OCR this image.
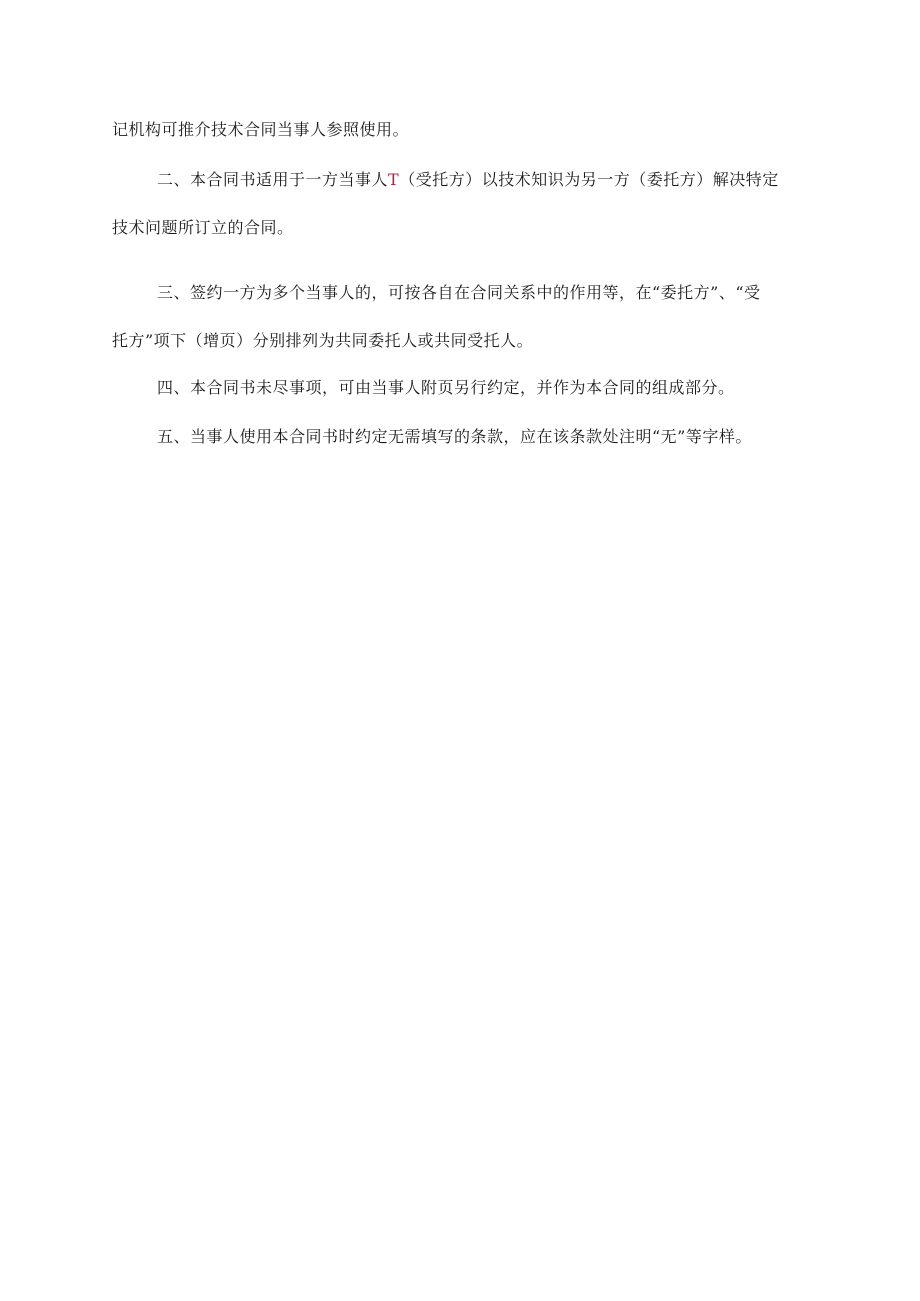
记机构可推介技术合同当事人参照使用。
二、本合同书适用于一方当事人T（受托方）以技术知识为另一方（委托方）解决特定
技术问题所订立的合同。
三、签约一方为多个当事人的，可按各自在合同关系中的作用等，在“委托方”、“受
托方”项下（增页）分别排列为共同委托人或共同受托人。
四、本合同书未尽事项，可由当事人附页另行约定，并作为本合同的组成部分。
五、当事人使用本合同书时约定无需填写的条款，应在该条款处注明“无”等字样。
